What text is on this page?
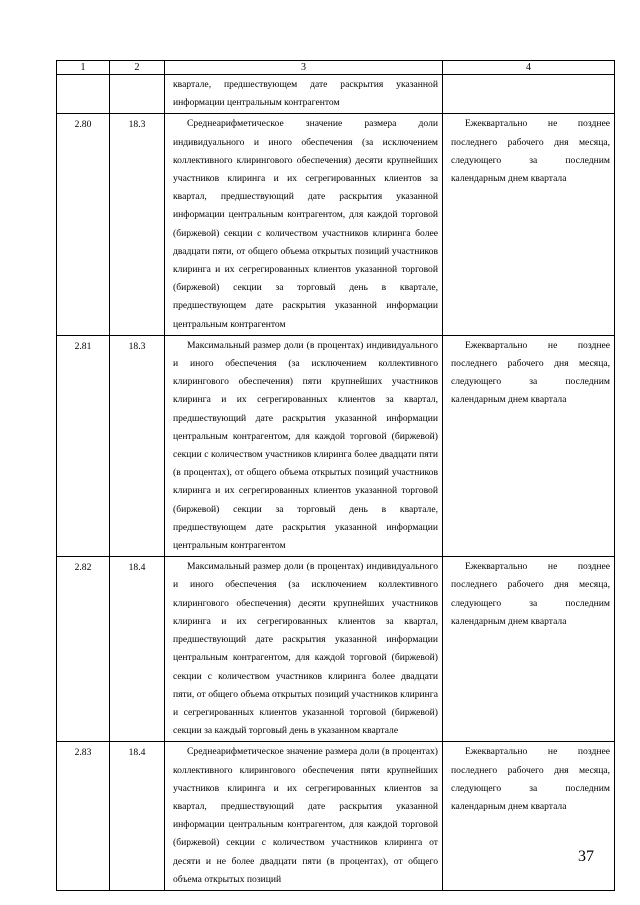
1	2	3	4
		квартале, предшествующем дате раскрытия указанной информации центральным контрагентом	
2.80	18.3	Среднеарифметическое значение размера доли индивидуального и иного обеспечения (за исключением коллективного клирингового обеспечения) десяти крупнейших участников клиринга и их сегрегированных клиентов за квартал, предшествующий дате раскрытия указанной информации центральным контрагентом, для каждой торговой (биржевой) секции с количеством участников клиринга более двадцати пяти, от общего объема открытых позиций участников клиринга и их сегрегированных клиентов указанной торговой (биржевой) секции за торговый день в квартале, предшествующем дате раскрытия указанной информации центральным контрагентом	Ежеквартально не позднее последнего рабочего дня месяца, следующего за последним календарным днем квартала
2.81	18.3	Максимальный размер доли (в процентах) индивидуального и иного обеспечения (за исключением коллективного клирингового обеспечения) пяти крупнейших участников клиринга и их сегрегированных клиентов за квартал, предшествующий дате раскрытия указанной информации центральным контрагентом, для каждой торговой (биржевой) секции с количеством участников клиринга более двадцати пяти (в процентах), от общего объема открытых позиций участников клиринга и их сегрегированных клиентов указанной торговой (биржевой) секции за торговый день в квартале, предшествующем дате раскрытия указанной информации центральным контрагентом	Ежеквартально не позднее последнего рабочего дня месяца, следующего за последним календарным днем квартала
2.82	18.4	Максимальный размер доли (в процентах) индивидуального и иного обеспечения (за исключением коллективного клирингового обеспечения) десяти крупнейших участников клиринга и их сегрегированных клиентов за квартал, предшествующий дате раскрытия указанной информации центральным контрагентом, для каждой торговой (биржевой) секции с количеством участников клиринга более двадцати пяти, от общего объема открытых позиций участников клиринга и сегрегированных клиентов указанной торговой (биржевой) секции за каждый торговый день в указанном квартале	Ежеквартально не позднее последнего рабочего дня месяца, следующего за последним календарным днем квартала
2.83	18.4	Среднеарифметическое значение размера доли (в процентах) коллективного клирингового обеспечения пяти крупнейших участников клиринга и их сегрегированных клиентов за квартал, предшествующий дате раскрытия указанной информации центральным контрагентом, для каждой торговой (биржевой) секции с количеством участников клиринга от десяти и не более двадцати пяти (в процентах), от общего объема открытых позиций	Ежеквартально не позднее последнего рабочего дня месяца, следующего за последним календарным днем квартала
37
